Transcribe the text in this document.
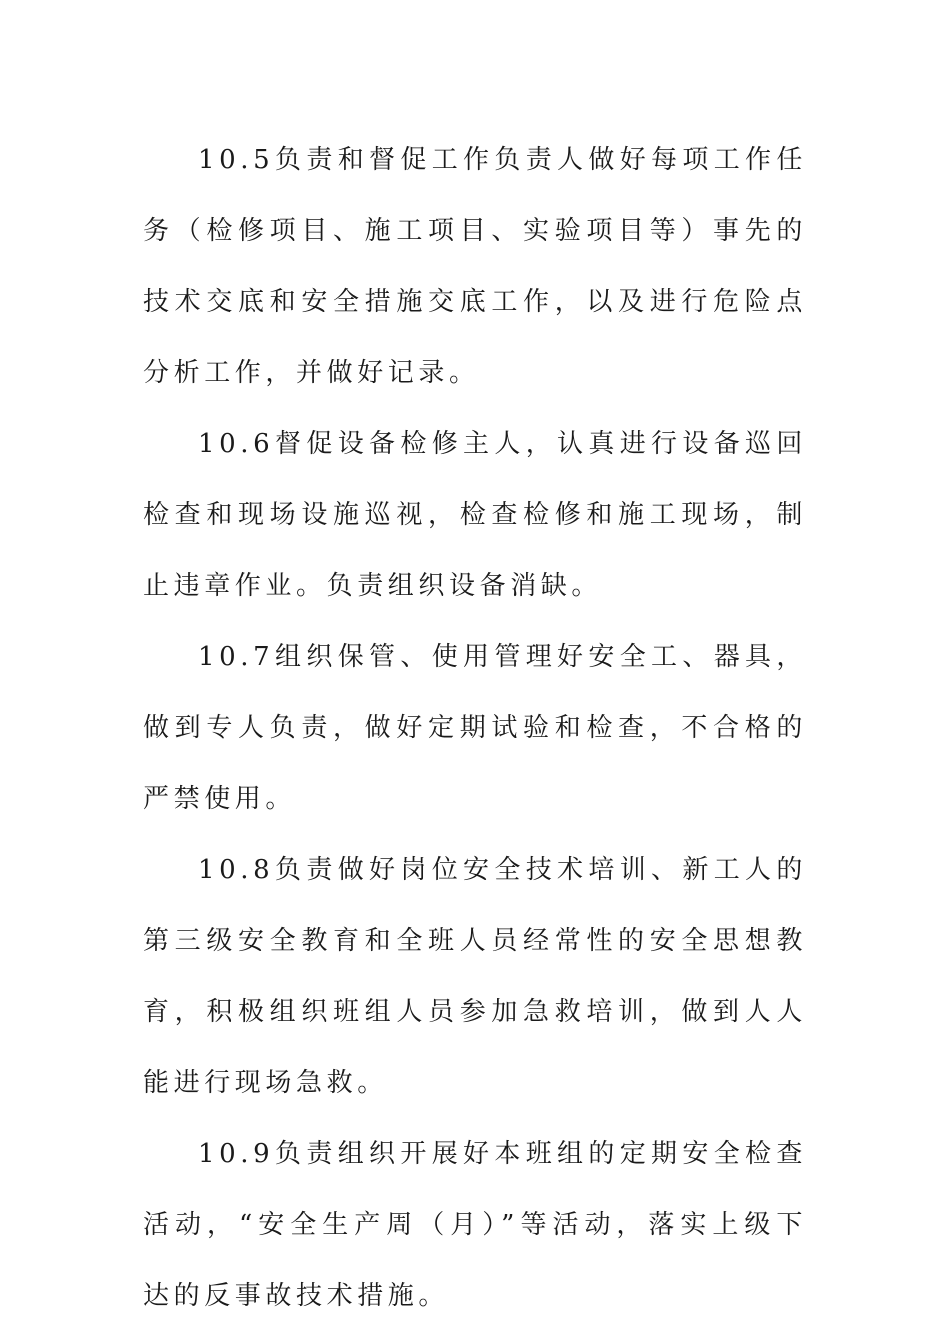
10.5负责和督促工作负责人做好每项工作任务（检修项目、施工项目、实验项目等）事先的技术交底和安全措施交底工作，以及进行危险点分析工作，并做好记录。

10.6督促设备检修主人，认真进行设备巡回检查和现场设施巡视，检查检修和施工现场，制止违章作业。负责组织设备消缺。

10.7组织保管、使用管理好安全工、器具，做到专人负责，做好定期试验和检查，不合格的严禁使用。

10.8负责做好岗位安全技术培训、新工人的第三级安全教育和全班人员经常性的安全思想教育，积极组织班组人员参加急救培训，做到人人能进行现场急救。

10.9负责组织开展好本班组的定期安全检查活动，“安全生产周（月）”等活动，落实上级下达的反事故技术措施。
